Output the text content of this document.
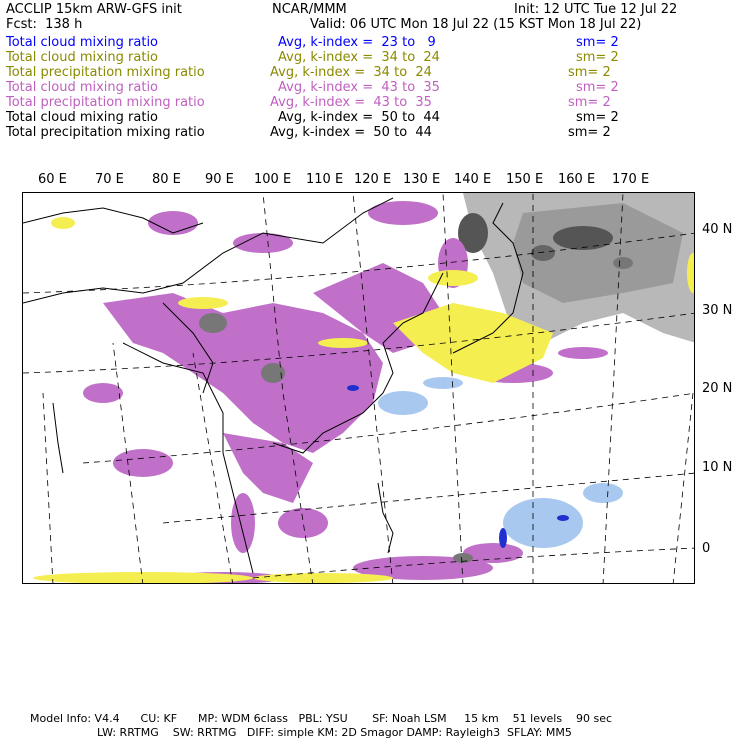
ACCLIP 15km ARW-GFS init	NCAR/MMM	Init: 12 UTC Tue 12 Jul 22
Fcst:  138 h	Valid: 06 UTC Mon 18 Jul 22 (15 KST Mon 18 Jul 22)
Total cloud mixing ratio	Avg, k-index =  23 to   9	sm= 2
Total cloud mixing ratio	Avg, k-index =  34 to  24	sm= 2
Total precipitation mixing ratio	Avg, k-index =  34 to  24	sm= 2
Total cloud mixing ratio	Avg, k-index =  43 to  35	sm= 2
Total precipitation mixing ratio	Avg, k-index =  43 to  35	sm= 2
Total cloud mixing ratio	Avg, k-index =  50 to  44	sm= 2
Total precipitation mixing ratio	Avg, k-index =  50 to  44	sm= 2
60 E 70 E 80 E 90 E 100 E 110 E 120 E 130 E 140 E 150 E 160 E 170 E
40 N
30 N
20 N
10 N
0
Model Info: V4.4      CU: KF      MP: WDM 6class   PBL: YSU       SF: Noah LSM     15 km    51 levels    90 sec
LW: RRTMG    SW: RRTMG   DIFF: simple KM: 2D Smagor DAMP: Rayleigh3  SFLAY: MM5
